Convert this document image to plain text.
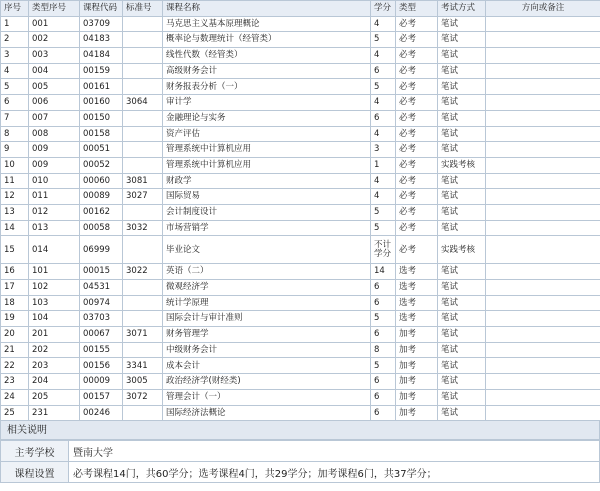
序号	类型序号	课程代码	标准号	课程名称	学分	类型	考试方式	方向或备注
1	001	03709		马克思主义基本原理概论	4	必考	笔试	
2	002	04183		概率论与数理统计（经管类）	5	必考	笔试	
3	003	04184		线性代数（经管类）	4	必考	笔试	
4	004	00159		高级财务会计	6	必考	笔试	
5	005	00161		财务报表分析（一）	5	必考	笔试	
6	006	00160	3064	审计学	4	必考	笔试	
7	007	00150		金融理论与实务	6	必考	笔试	
8	008	00158		资产评估	4	必考	笔试	
9	009	00051		管理系统中计算机应用	3	必考	笔试	
10	009	00052		管理系统中计算机应用	1	必考	实践考核	
11	010	00060	3081	财政学	4	必考	笔试	
12	011	00089	3027	国际贸易	4	必考	笔试	
13	012	00162		会计制度设计	5	必考	笔试	
14	013	00058	3032	市场营销学	5	必考	笔试	
15	014	06999		毕业论文	不计学分	必考	实践考核	
16	101	00015	3022	英语（二）	14	选考	笔试	
17	102	04531		微观经济学	6	选考	笔试	
18	103	00974		统计学原理	6	选考	笔试	
19	104	03703		国际会计与审计准则	5	选考	笔试	
20	201	00067	3071	财务管理学	6	加考	笔试	
21	202	00155		中级财务会计	8	加考	笔试	
22	203	00156	3341	成本会计	5	加考	笔试	
23	204	00009	3005	政治经济学(财经类)	6	加考	笔试	
24	205	00157	3072	管理会计（一）	6	加考	笔试	
25	231	00246		国际经济法概论	6	加考	笔试	
相关说明
主考学校	暨南大学
课程设置	必考课程14门，共60学分；选考课程4门，共29学分；加考课程6门，共37学分；
